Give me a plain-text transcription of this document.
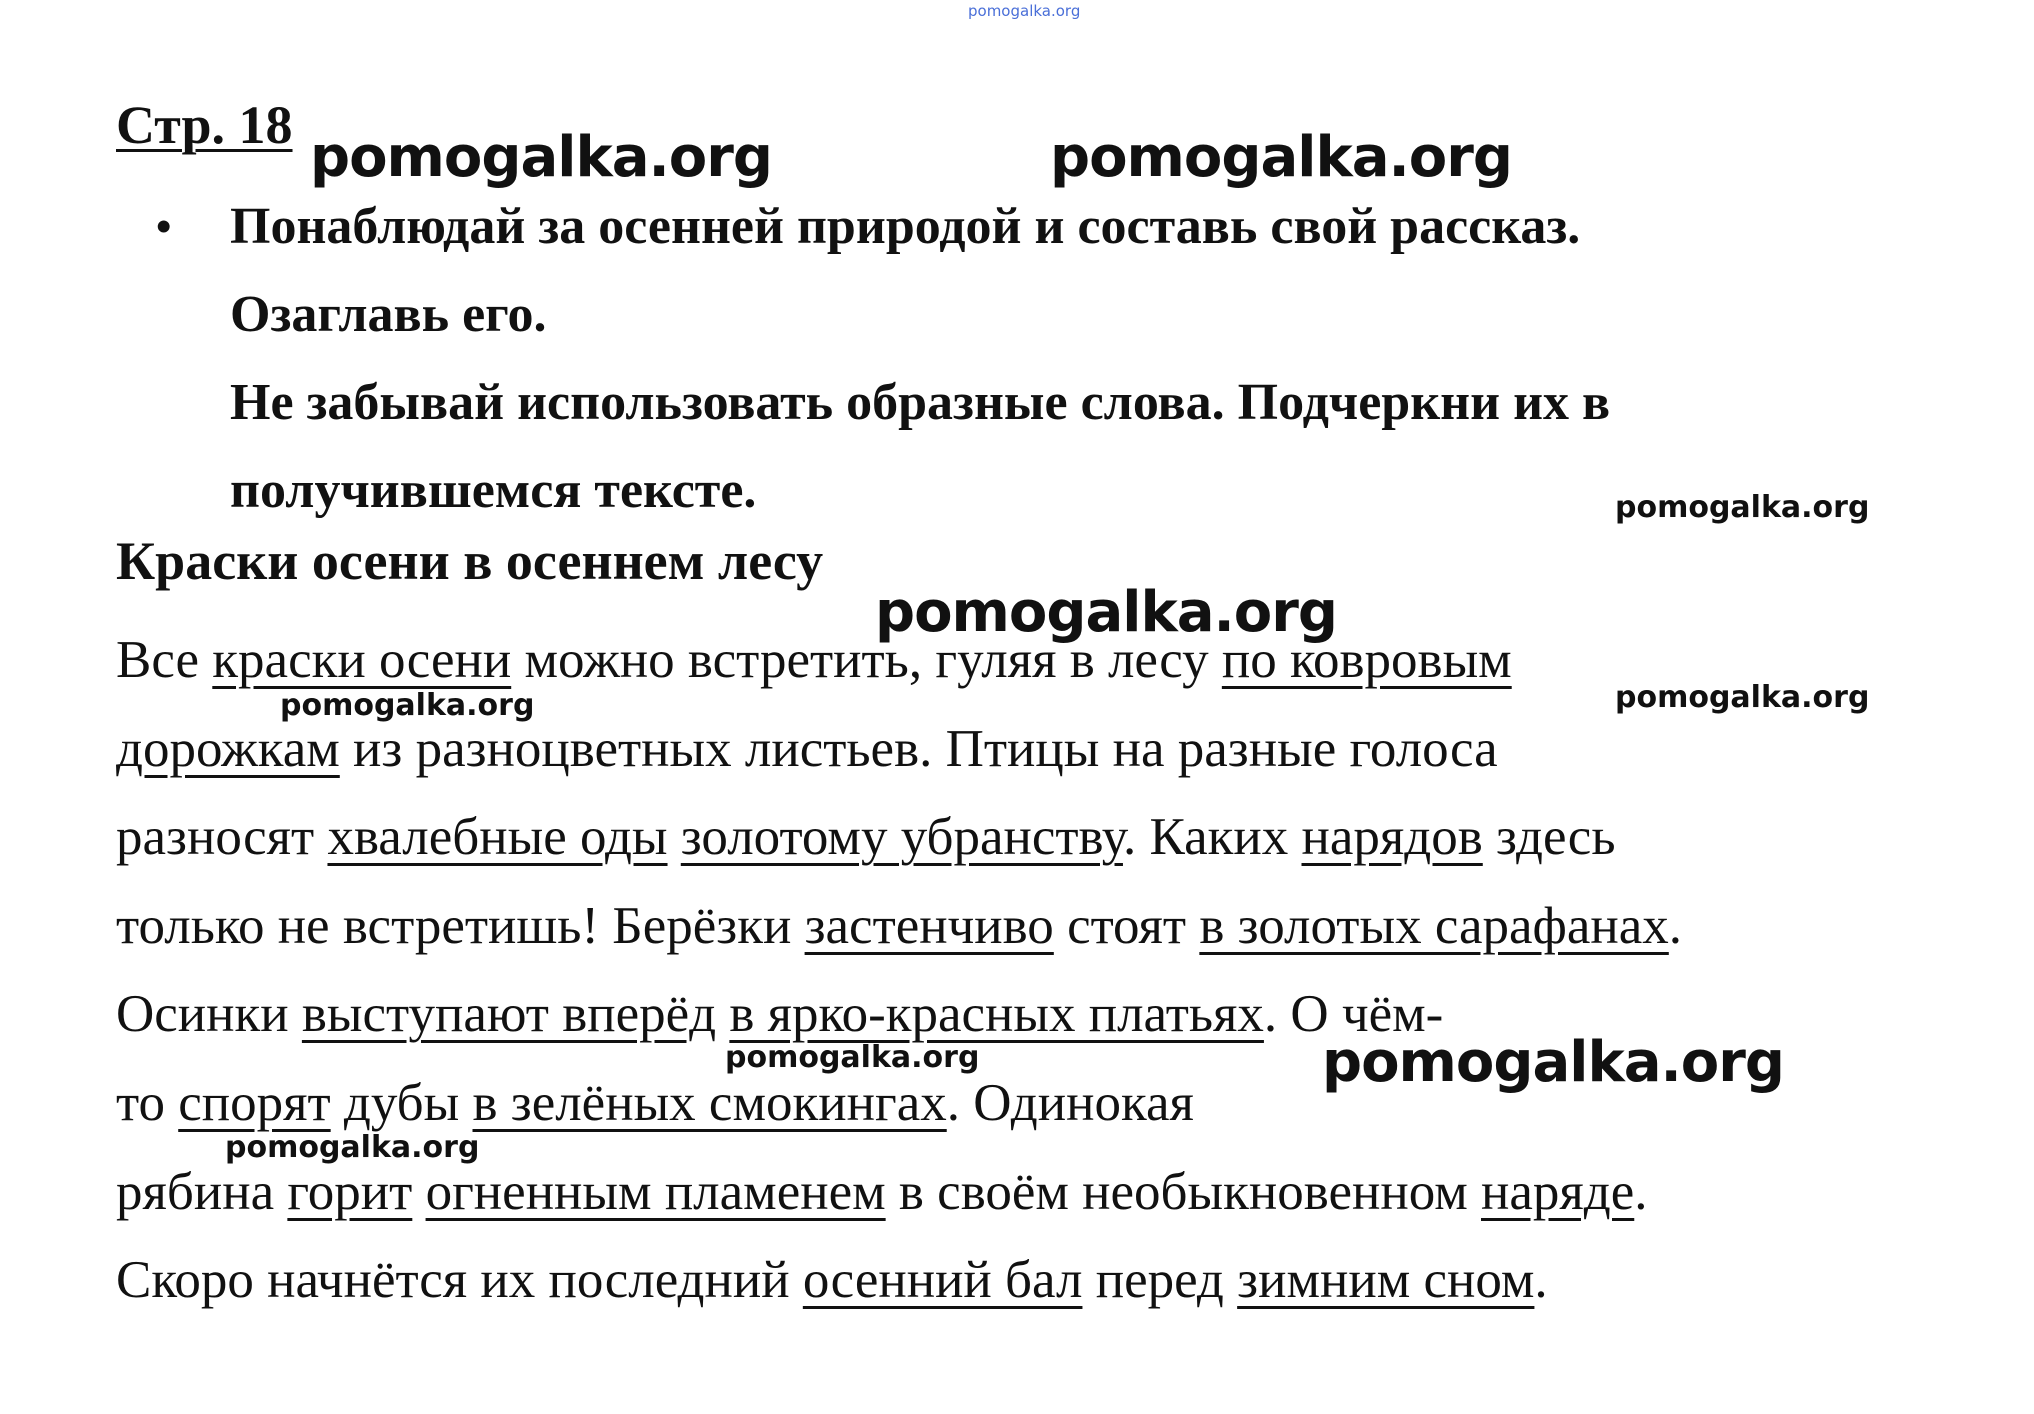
pomogalka.org
Стр. 18
• Понаблюдай за осенней природой и составь свой рассказ.
Озаглавь его.
Не забывай использовать образные слова. Подчеркни их в
получившемся тексте.
Краски осени в осеннем лесу
Все краски осени можно встретить, гуляя в лесу по ковровым
дорожкам из разноцветных листьев. Птицы на разные голоса
разносят хвалебные оды золотому убранству. Каких нарядов здесь
только не встретишь! Берёзки застенчиво стоят в золотых сарафанах.
Осинки выступают вперёд в ярко-красных платьях. О чём-
то спорят дубы в зелёных смокингах. Одинокая
рябина горит огненным пламенем в своём необыкновенном наряде.
Скоро начнётся их последний осенний бал перед зимним сном.
pomogalka.org	pomogalka.org
pomogalka.org
pomogalka.org
pomogalka.org
pomogalka.org
pomogalka.org	pomogalka.org
pomogalka.org
